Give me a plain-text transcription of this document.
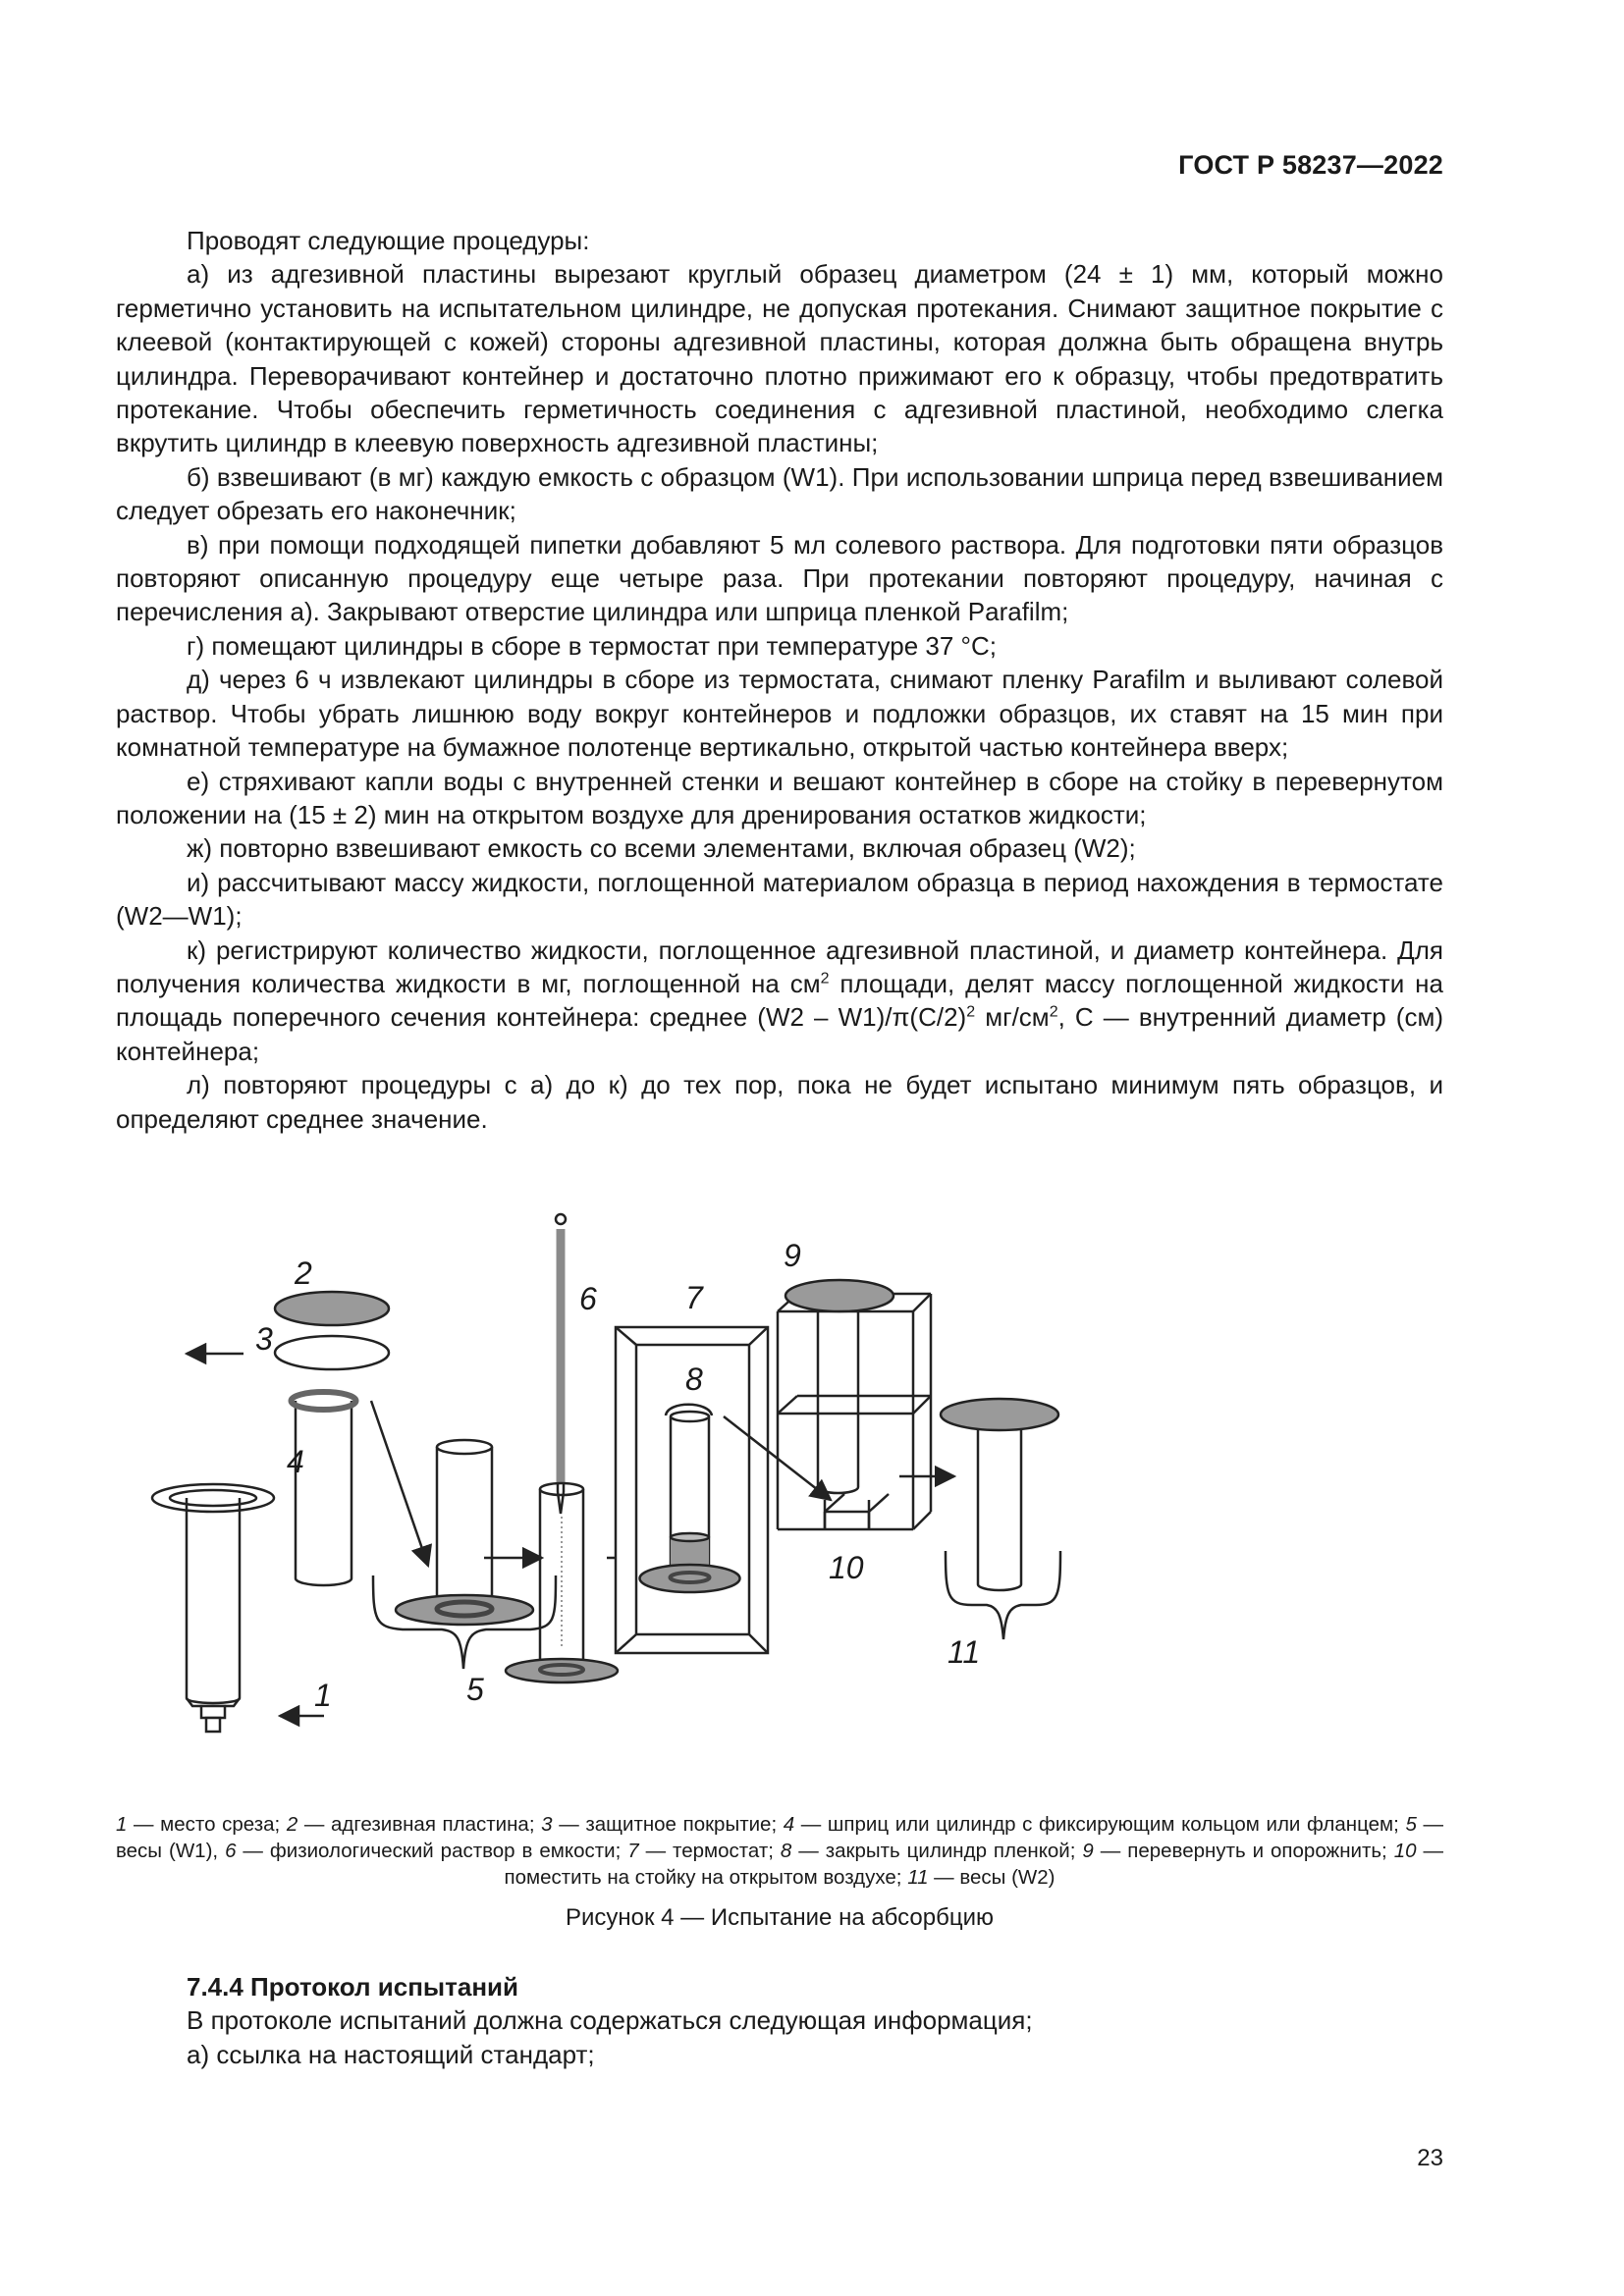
ГОСТ Р 58237—2022

Проводят следующие процедуры:

а) из адгезивной пластины вырезают круглый образец диаметром (24 ± 1) мм, который можно герметично установить на испытательном цилиндре, не допуская протекания. Снимают защитное покрытие с клеевой (контактирующей с кожей) стороны адгезивной пластины, которая должна быть обращена внутрь цилиндра. Переворачивают контейнер и достаточно плотно прижимают его к образцу, чтобы предотвратить протекание. Чтобы обеспечить герметичность соединения с адгезивной пластиной, необходимо слегка вкрутить цилиндр в клеевую поверхность адгезивной пластины;

б) взвешивают (в мг) каждую емкость с образцом (W1). При использовании шприца перед взвешиванием следует обрезать его наконечник;

в) при помощи подходящей пипетки добавляют 5 мл солевого раствора. Для подготовки пяти образцов повторяют описанную процедуру еще четыре раза. При протекании повторяют процедуру, начиная с перечисления а). Закрывают отверстие цилиндра или шприца пленкой Parafilm;

г) помещают цилиндры в сборе в термостат при температуре 37 °C;

д) через 6 ч извлекают цилиндры в сборе из термостата, снимают пленку Parafilm и выливают солевой раствор. Чтобы убрать лишнюю воду вокруг контейнеров и подложки образцов, их ставят на 15 мин при комнатной температуре на бумажное полотенце вертикально, открытой частью контейнера вверх;

е) стряхивают капли воды с внутренней стенки и вешают контейнер в сборе на стойку в перевернутом положении на (15 ± 2) мин на открытом воздухе для дренирования остатков жидкости;

ж) повторно взвешивают емкость со всеми элементами, включая образец (W2);

и) рассчитывают массу жидкости, поглощенной материалом образца в период нахождения в термостате (W2—W1);

к) регистрируют количество жидкости, поглощенное адгезивной пластиной, и диаметр контейнера. Для получения количества жидкости в мг, поглощенной на $см^2$ площади, делят массу поглощенной жидкости на площадь поперечного сечения контейнера: среднее $(W2 - W1)/\pi(C/2)^2$ $мг/см^2$, C — внутренний диаметр (см) контейнера;

л) повторяют процедуры с а) до к) до тех пор, пока не будет испытано минимум пять образцов, и определяют среднее значение.

1
2
3
4
5
6	7
8
9
10
11
1 — место среза; 2 — адгезивная пластина; 3 — защитное покрытие; 4 — шприц или цилиндр с фиксирующим кольцом или фланцем; 5 — весы (W1), 6 — физиологический раствор в емкости; 7 — термостат; 8 — закрыть цилиндр пленкой; 9 — перевернуть и опорожнить; 10 — поместить на стойку на открытом воздухе; 11 — весы (W2)
Рисунок 4 — Испытание на абсорбцию

7.4.4 Протокол испытаний

В протоколе испытаний должна содержаться следующая информация;

а) ссылка на настоящий стандарт;

23
